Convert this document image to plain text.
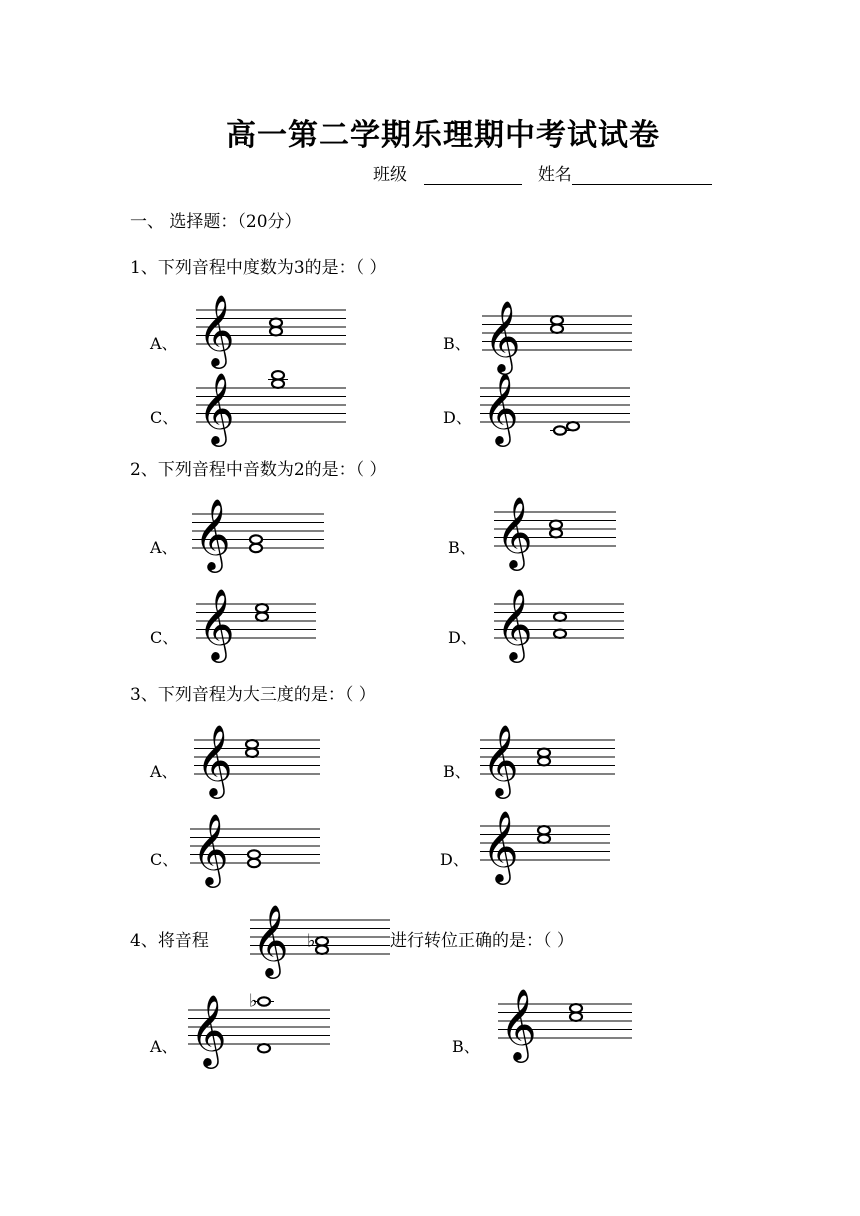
高一第二学期乐理期中考试试卷
班级	姓名
一、 选择题：（20分）
1、下列音程中度数为3的是：（ ）
2、下列音程中音数为2的是：（ ）
3、下列音程为大三度的是：（ ）
4、将音程	进行转位正确的是：（ ）
A、	B、
C、	D、
A、	B、
C、	D、
A、	B、
C、	D、
A、	B、
𝄞	𝄞
𝄞	𝄞
𝄞	𝄞
𝄞	𝄞
𝄞	𝄞
𝄞	𝄞
𝄞 ♭
𝄞 ♭	𝄞
